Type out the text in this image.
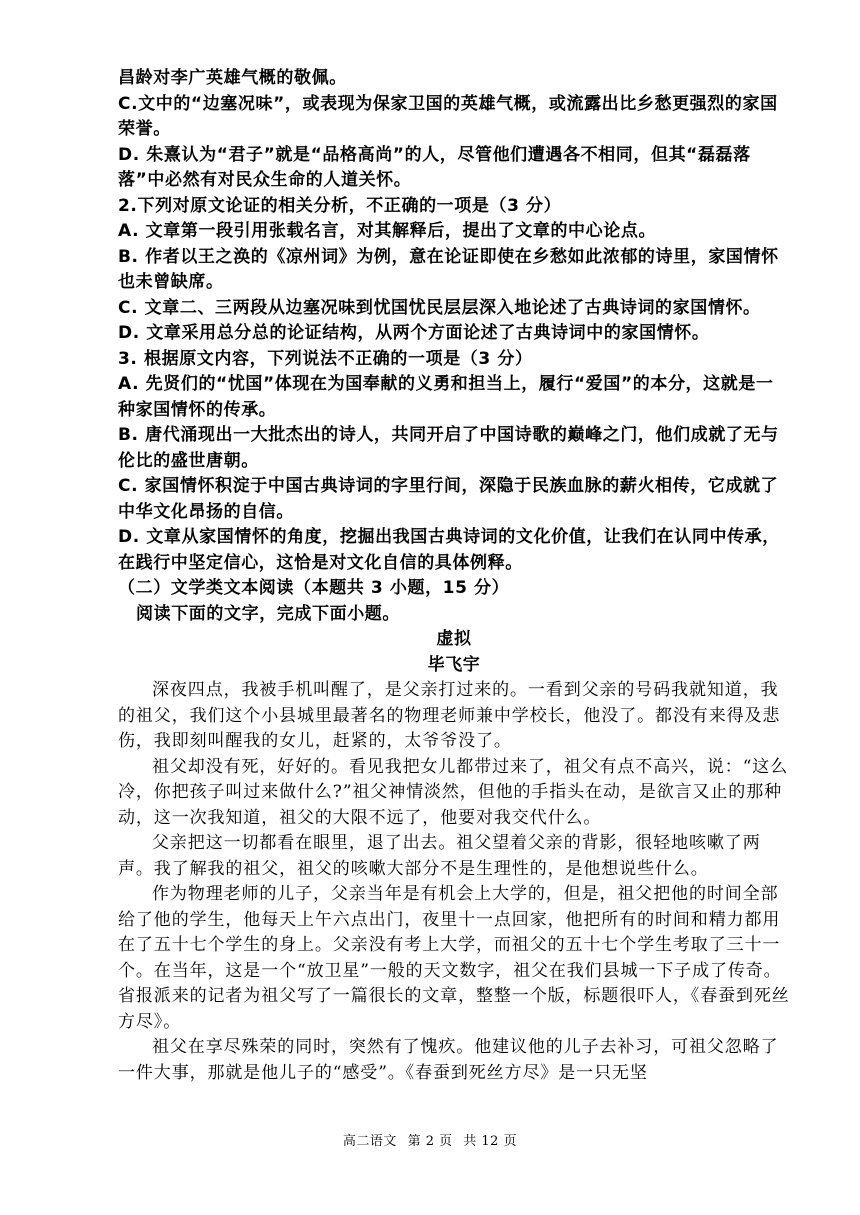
昌龄对李广英雄气概的敬佩。

C.文中的“边塞况味”，或表现为保家卫国的英雄气概，或流露出比乡愁更强烈的家国荣誉。

D. 朱熹认为“君子”就是“品格高尚”的人，尽管他们遭遇各不相同，但其“磊磊落落”中必然有对民众生命的人道关怀。

2.下列对原文论证的相关分析，不正确的一项是（3 分）

A. 文章第一段引用张载名言，对其解释后，提出了文章的中心论点。

B. 作者以王之涣的《凉州词》为例，意在论证即使在乡愁如此浓郁的诗里，家国情怀也未曾缺席。

C. 文章二、三两段从边塞况味到忧国忧民层层深入地论述了古典诗词的家国情怀。

D. 文章采用总分总的论证结构，从两个方面论述了古典诗词中的家国情怀。

3. 根据原文内容，下列说法不正确的一项是（3 分）

A. 先贤们的“忧国”体现在为国奉献的义勇和担当上，履行“爱国”的本分，这就是一种家国情怀的传承。

B. 唐代涌现出一大批杰出的诗人，共同开启了中国诗歌的巅峰之门，他们成就了无与伦比的盛世唐朝。

C. 家国情怀积淀于中国古典诗词的字里行间，深隐于民族血脉的薪火相传，它成就了中华文化昂扬的自信。

D. 文章从家国情怀的角度，挖掘出我国古典诗词的文化价值，让我们在认同中传承，在践行中坚定信心，这恰是对文化自信的具体例释。

（二）文学类文本阅读（本题共 3 小题，15 分）

阅读下面的文字，完成下面小题。

虚拟

毕飞宇

深夜四点，我被手机叫醒了，是父亲打过来的。一看到父亲的号码我就知道，我的祖父，我们这个小县城里最著名的物理老师兼中学校长，他没了。都没有来得及悲伤，我即刻叫醒我的女儿，赶紧的，太爷爷没了。

祖父却没有死，好好的。看见我把女儿都带过来了，祖父有点不高兴，说：“这么冷，你把孩子叫过来做什么?”祖父神情淡然，但他的手指头在动，是欲言又止的那种动，这一次我知道，祖父的大限不远了，他要对我交代什么。

父亲把这一切都看在眼里，退了出去。祖父望着父亲的背影，很轻地咳嗽了两声。我了解我的祖父，祖父的咳嗽大部分不是生理性的，是他想说些什么。

作为物理老师的儿子，父亲当年是有机会上大学的，但是，祖父把他的时间全部给了他的学生，他每天上午六点出门，夜里十一点回家，他把所有的时间和精力都用在了五十七个学生的身上。父亲没有考上大学，而祖父的五十七个学生考取了三十一个。在当年，这是一个“放卫星”一般的天文数字，祖父在我们县城一下子成了传奇。省报派来的记者为祖父写了一篇很长的文章，整整一个版，标题很吓人，《春蚕到死丝方尽》。

祖父在享尽殊荣的同时，突然有了愧疚。他建议他的儿子去补习，可祖父忽略了一件大事，那就是他儿子的“感受”。《春蚕到死丝方尽》是一只无坚

高二语文 第 2 页 共 12 页
